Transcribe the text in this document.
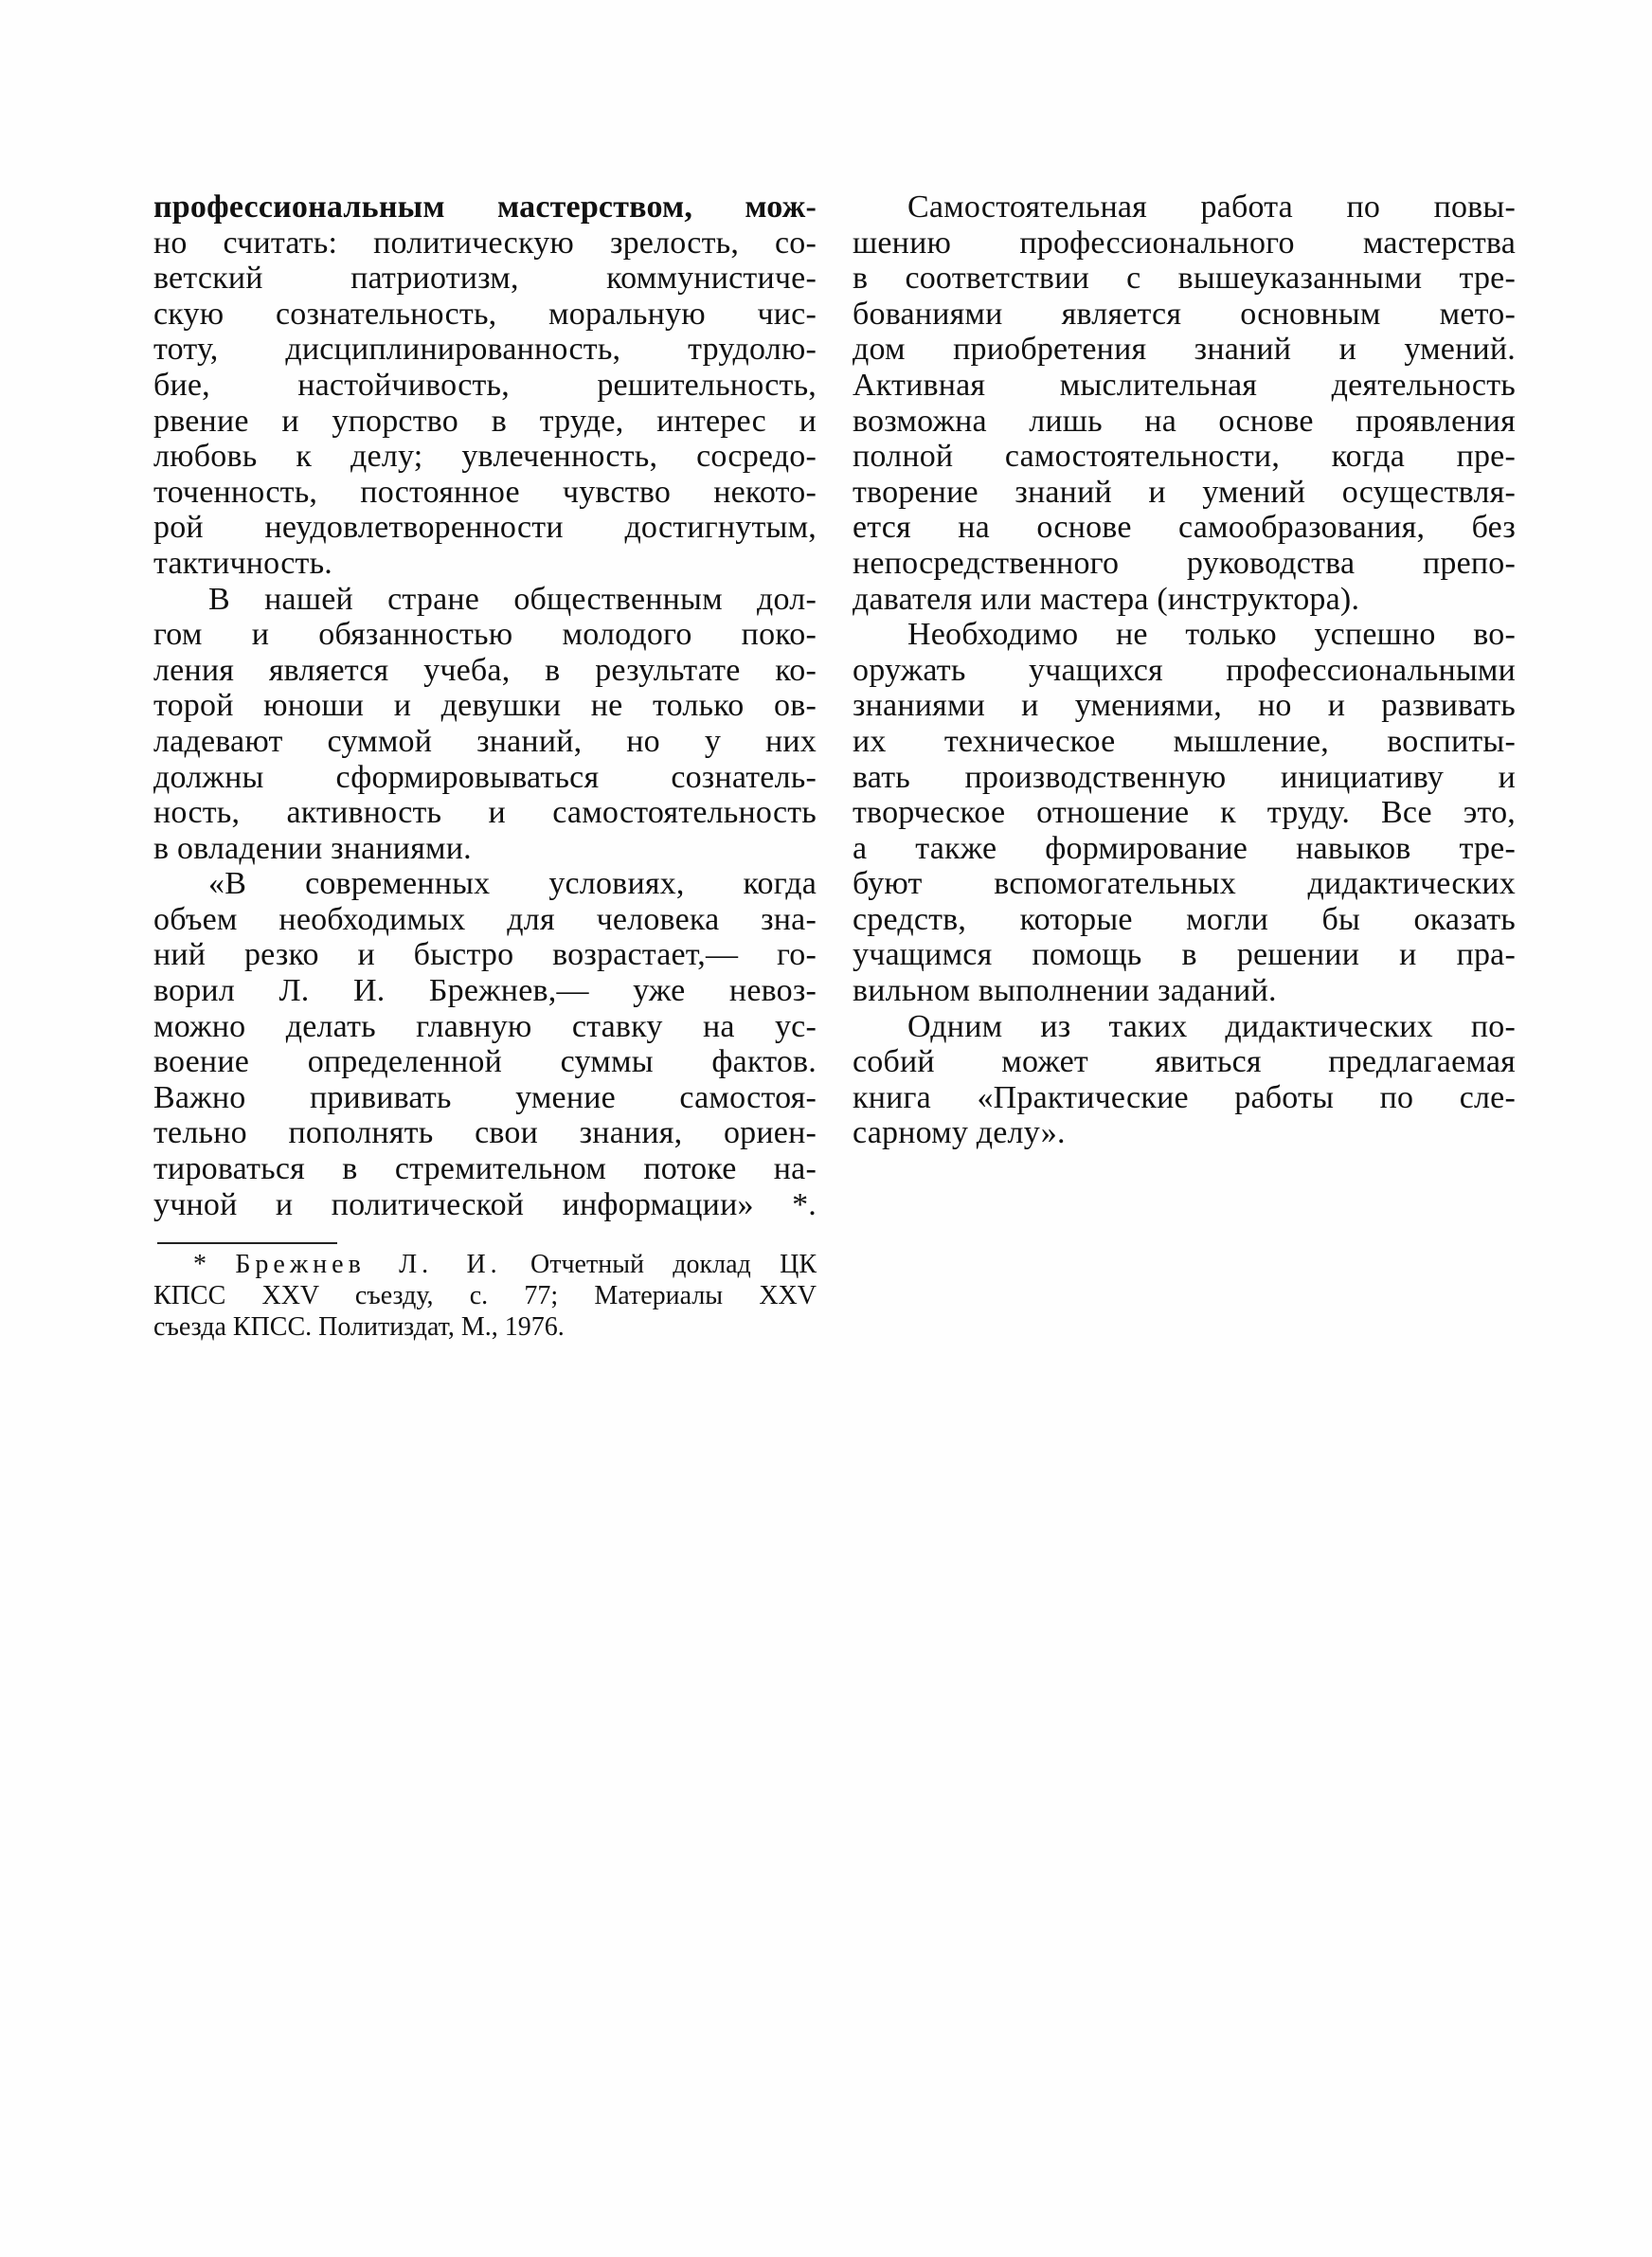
профессиональным мастерством, мож-
но считать: политическую зрелость, со-
ветский патриотизм, коммунистиче-
скую сознательность, моральную чис-
тоту, дисциплинированность, трудолю-
бие, настойчивость, решительность,
рвение и упорство в труде, интерес и
любовь к делу; увлеченность, сосредо-
точенность, постоянное чувство некото-
рой неудовлетворенности достигнутым,
тактичность.
В нашей стране общественным дол-
гом и обязанностью молодого поко-
ления является учеба, в результате ко-
торой юноши и девушки не только ов-
ладевают суммой знаний, но у них
должны сформировываться сознатель-
ность, активность и самостоятельность
в овладении знаниями.
«В современных условиях, когда
объем необходимых для человека зна-
ний резко и быстро возрастает,— го-
ворил Л. И. Брежнев,— уже невоз-
можно делать главную ставку на ус-
воение определенной суммы фактов.
Важно прививать умение самостоя-
тельно пополнять свои знания, ориен-
тироваться в стремительном потоке на-
учной и политической информации» *.
* Брежнев Л. И. Отчетный доклад ЦК
КПСС XXV съезду, с. 77; Материалы XXV
съезда КПСС. Политиздат, М., 1976.
Самостоятельная работа по повы-
шению профессионального мастерства
в соответствии с вышеуказанными тре-
бованиями является основным мето-
дом приобретения знаний и умений.
Активная мыслительная деятельность
возможна лишь на основе проявления
полной самостоятельности, когда пре-
творение знаний и умений осуществля-
ется на основе самообразования, без
непосредственного руководства препо-
давателя или мастера (инструктора).
Необходимо не только успешно во-
оружать учащихся профессиональными
знаниями и умениями, но и развивать
их техническое мышление, воспиты-
вать производственную инициативу и
творческое отношение к труду. Все это,
а также формирование навыков тре-
буют вспомогательных дидактических
средств, которые могли бы оказать
учащимся помощь в решении и пра-
вильном выполнении заданий.
Одним из таких дидактических по-
собий может явиться предлагаемая
книга «Практические работы по сле-
сарному делу».
